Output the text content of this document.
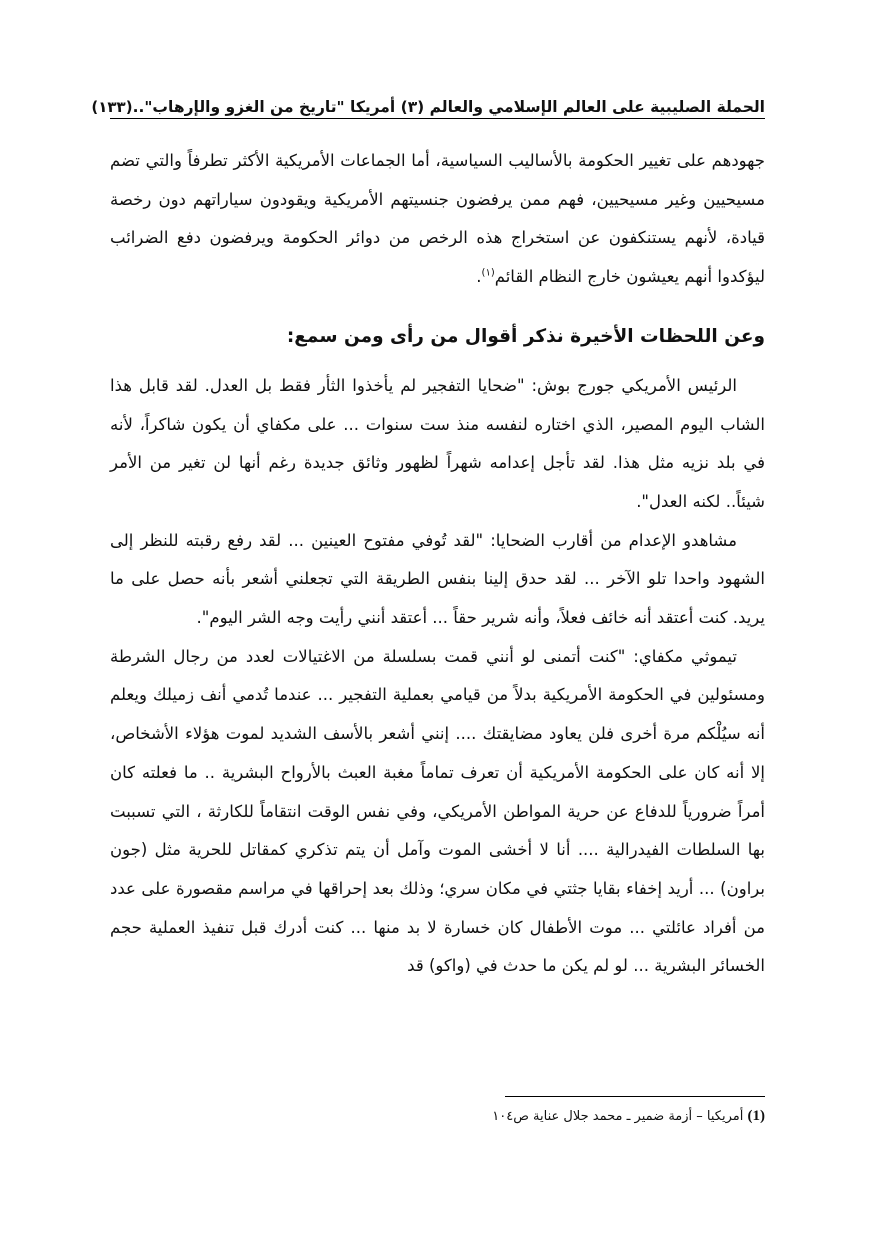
الحملة الصليبية على العالم الإسلامي والعالم (٣) أمريكا "تاريخ من الغزو والإرهاب"..
(١٣٣)

جهودهم على تغيير الحكومة بالأساليب السياسية، أما الجماعات الأمريكية الأكثر تطرفاً والتي تضم مسيحيين وغير مسيحيين، فهم ممن يرفضون جنسيتهم الأمريكية ويقودون سياراتهم دون رخصة قيادة، لأنهم يستنكفون عن استخراج هذه الرخص من دوائر الحكومة ويرفضون دفع الضرائب ليؤكدوا أنهم يعيشون خارج النظام القائم$^{(١)}$.

وعن اللحظات الأخيرة نذكر أقوال من رأى ومن سمع:

الرئيس الأمريكي جورج بوش: "ضحايا التفجير لم يأخذوا الثأر فقط بل العدل. لقد قابل هذا الشاب اليوم المصير، الذي اختاره لنفسه منذ ست سنوات ... على مكفاي أن يكون شاكراً، لأنه في بلد نزيه مثل هذا. لقد تأجل إعدامه شهراً لظهور وثائق جديدة رغم أنها لن تغير من الأمر شيئاً.. لكنه العدل".

مشاهدو الإعدام من أقارب الضحايا: "لقد تُوفي مفتوح العينين ... لقد رفع رقبته للنظر إلى الشهود واحدا تلو الآخر ... لقد حدق إلينا بنفس الطريقة التي تجعلني أشعر بأنه حصل على ما يريد. كنت أعتقد أنه خائف فعلاً، وأنه شرير حقاً ... أعتقد أنني رأيت وجه الشر اليوم".

تيموثي مكفاي: "كنت أتمنى لو أنني قمت بسلسلة من الاغتيالات لعدد من رجال الشرطة ومسئولين في الحكومة الأمريكية بدلاً من قيامي بعملية التفجير ... عندما تُدمي أنف زميلك ويعلم أنه سيُلْكم مرة أخرى فلن يعاود مضايقتك .... إنني أشعر بالأسف الشديد لموت هؤلاء الأشخاص، إلا أنه كان على الحكومة الأمريكية أن تعرف تماماً مغبة العبث بالأرواح البشرية .. ما فعلته كان أمراً ضرورياً للدفاع عن حرية المواطن الأمريكي، وفي نفس الوقت انتقاماً للكارثة ، التي تسببت بها السلطات الفيدرالية .... أنا لا أخشى الموت وآمل أن يتم تذكري كمقاتل للحرية مثل (جون براون) ... أريد إخفاء بقايا جثتي في مكان سري؛ وذلك بعد إحراقها في مراسم مقصورة على عدد من أفراد عائلتي ... موت الأطفال كان خسارة لا بد منها ... كنت أدرك قبل تنفيذ العملية حجم الخسائر البشرية ... لو لم يكن ما حدث في (واكو) قد

(1) أمريكيا – أزمة ضمير ـ محمد جلال عناية ص١٠٤
